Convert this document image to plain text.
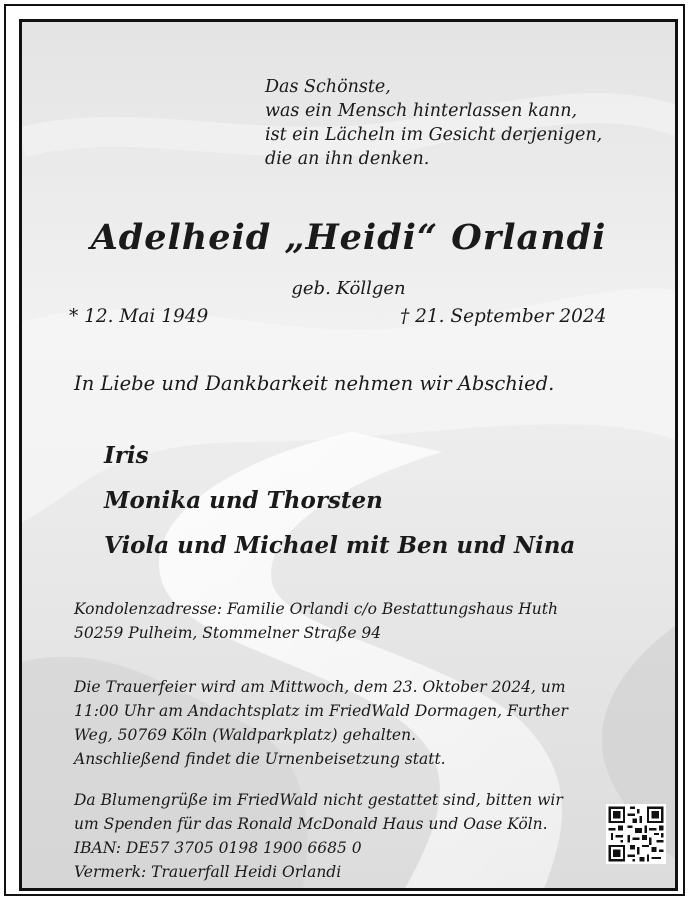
Das Schönste,
was ein Mensch hinterlassen kann,
ist ein Lächeln im Gesicht derjenigen,
die an ihn denken.
Adelheid „Heidi“ Orlandi
geb. Köllgen
* 12. Mai 1949	† 21. September 2024
In Liebe und Dankbarkeit nehmen wir Abschied.
Iris
Monika und Thorsten
Viola und Michael mit Ben und Nina
Kondolenzadresse: Familie Orlandi c/o Bestattungshaus Huth
50259 Pulheim, Stommelner Straße 94
Die Trauerfeier wird am Mittwoch, dem 23. Oktober 2024, um
11:00 Uhr am Andachtsplatz im FriedWald Dormagen, Further
Weg, 50769 Köln (Waldparkplatz) gehalten.
Anschließend findet die Urnenbeisetzung statt.
Da Blumengrüße im FriedWald nicht gestattet sind, bitten wir
um Spenden für das Ronald McDonald Haus und Oase Köln.
IBAN: DE57 3705 0198 1900 6685 0
Vermerk: Trauerfall Heidi Orlandi
